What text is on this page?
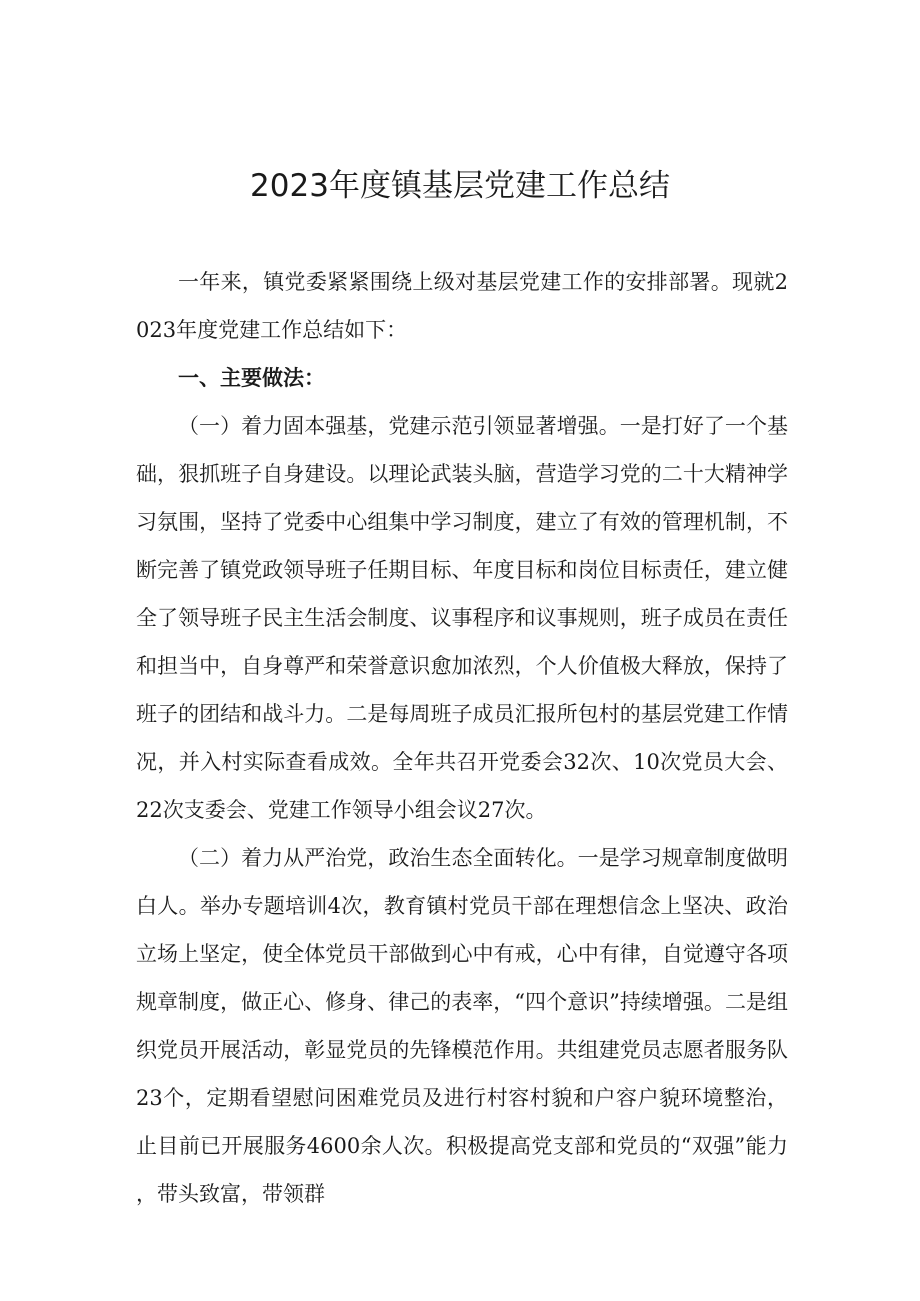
2023年度镇基层党建工作总结

一年来，镇党委紧紧围绕上级对基层党建工作的安排部署。现就2023年度党建工作总结如下：

一、主要做法：

（一）着力固本强基，党建示范引领显著增强。一是打好了一个基础，狠抓班子自身建设。以理论武装头脑，营造学习党的二十大精神学习氛围，坚持了党委中心组集中学习制度，建立了有效的管理机制，不断完善了镇党政领导班子任期目标、年度目标和岗位目标责任，建立健全了领导班子民主生活会制度、议事程序和议事规则，班子成员在责任和担当中，自身尊严和荣誉意识愈加浓烈，个人价值极大释放，保持了班子的团结和战斗力。二是每周班子成员汇报所包村的基层党建工作情况，并入村实际查看成效。全年共召开党委会32次、10次党员大会、22次支委会、党建工作领导小组会议27次。

（二）着力从严治党，政治生态全面转化。一是学习规章制度做明白人。举办专题培训4次，教育镇村党员干部在理想信念上坚决、政治立场上坚定，使全体党员干部做到心中有戒，心中有律，自觉遵守各项规章制度，做正心、修身、律己的表率，“四个意识”持续增强。二是组织党员开展活动，彰显党员的先锋模范作用。共组建党员志愿者服务队23个，定期看望慰问困难党员及进行村容村貌和户容户貌环境整治，止目前已开展服务4600余人次。积极提高党支部和党员的“双强”能力，带头致富，带领群
